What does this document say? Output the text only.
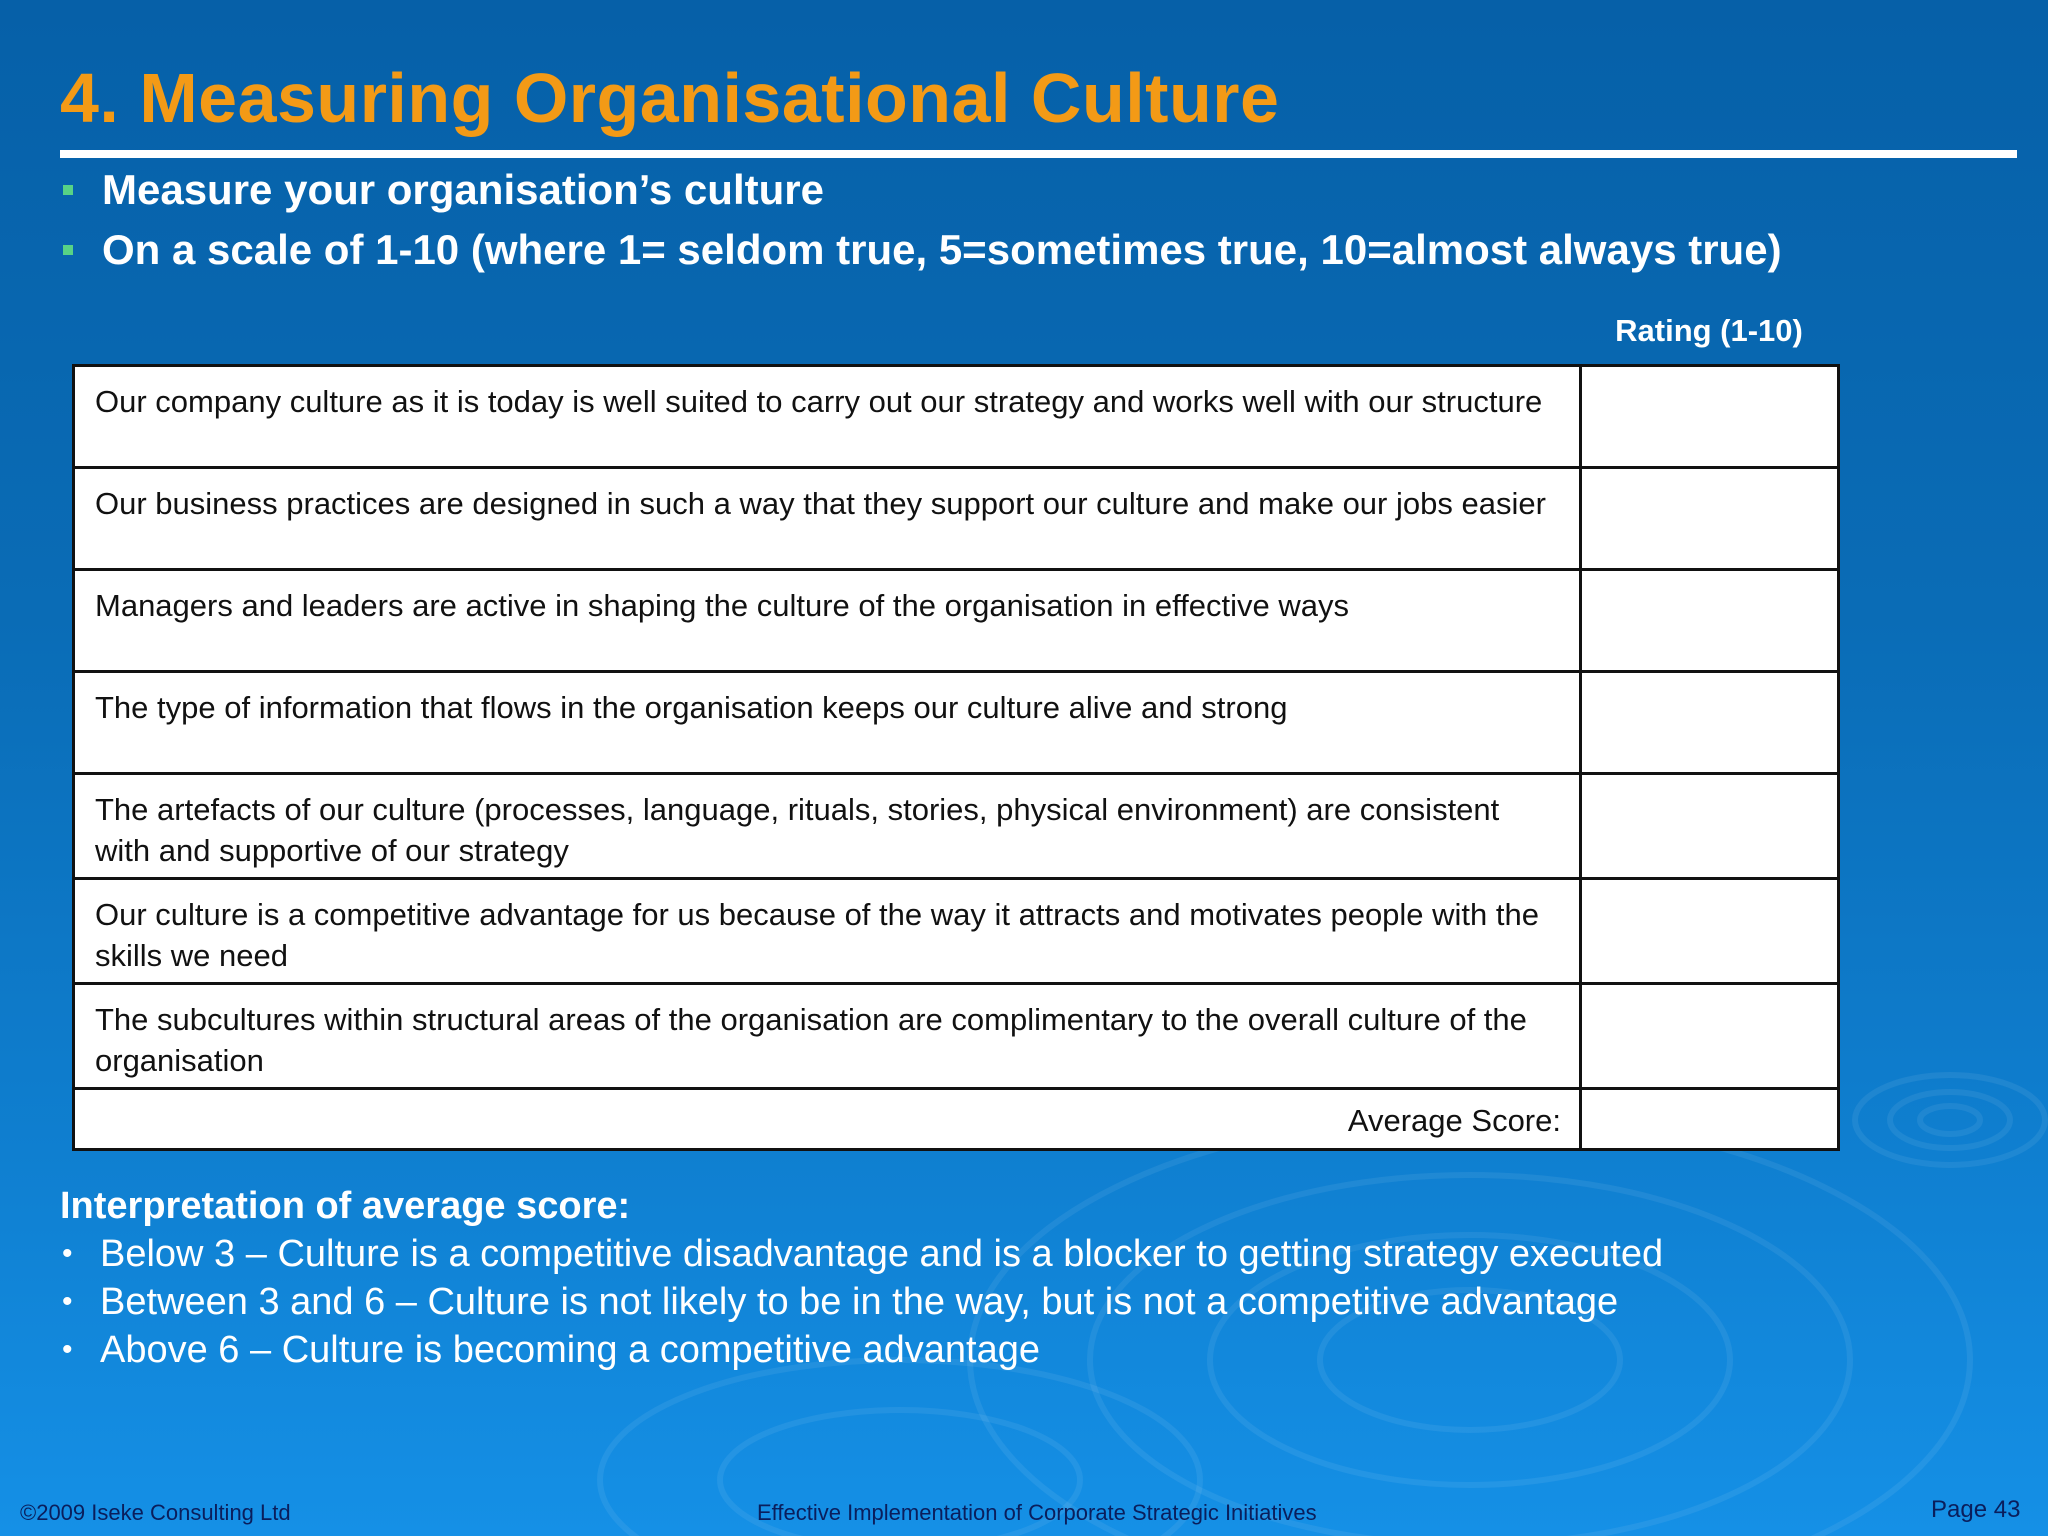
4. Measuring Organisational Culture
Measure your organisation’s culture
On a scale of 1-10 (where 1= seldom true, 5=sometimes true, 10=almost always true)
Rating (1-10)
Our company culture as it is today is well suited to carry out our strategy and works well with our structure	
Our business practices are designed in such a way that they support our culture and make our jobs easier	
Managers and leaders are active in shaping the culture of the organisation in effective ways	
The type of information that flows in the organisation keeps our culture alive and strong	
The artefacts of our culture (processes, language, rituals, stories, physical environment) are consistent with and supportive of our strategy	
Our culture is a competitive advantage for us because of the way it attracts and motivates people with the skills we need	
The subcultures within structural areas of the organisation are complimentary to the overall culture of the organisation	
Average Score:	
Interpretation of average score:
• Below 3 – Culture is a competitive disadvantage and is a blocker to getting strategy executed
• Between 3 and 6 – Culture is not likely to be in the way, but is not a competitive advantage
• Above 6 – Culture is becoming a competitive advantage
©2009 Iseke Consulting Ltd	Effective Implementation of Corporate Strategic Initiatives	Page 43
